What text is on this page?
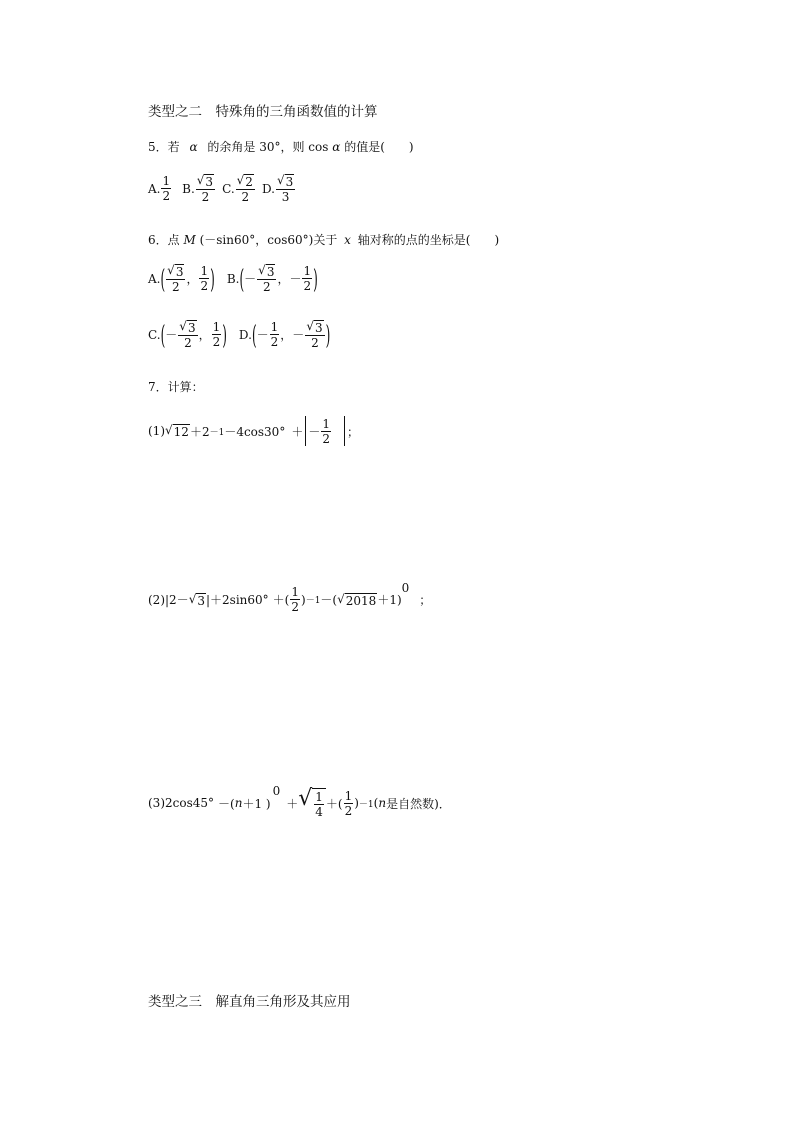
类型之二　特殊角的三角函数值的计算
5．若 α 的余角是 30°，则 cos α 的值是(　　)
A. $\frac{1}{2} B$. $\frac{√ 3}{2} C$. $\frac{√ 2}{2} D$. $\frac{√ 3}{3}$
6．点 M (－sin60°，cos60°)关于 x 轴对称的点的坐标是(　　)
A. ( $\frac{√ 3}{2}$ ， $\frac{1}{2}$ ) B. ( － $\frac{√ 3}{2}$ ， － $\frac{1}{2}$ )
C. ( － $\frac{√ 3}{2}$ ， $\frac{1}{2}$ ) D. ( － $\frac{1}{2}$ ， － $\frac{√ 3}{2}$ )
7．计算：
(1) √ 12 ＋2 －1 －4cos30° ＋ － $\frac{1}{2}$ ；
(2)|2－ √ 3 |＋2sin60° ＋( $\frac{1}{2}$ ) －1 －( √ 2018 ＋1)
0
；
(3)2cos45° －( n ＋1 )
0
＋ √ $\frac{1}{4}$ ＋( $\frac{1}{2}$ ) －1 ( n 是自然数)．
类型之三　解直角三角形及其应用
